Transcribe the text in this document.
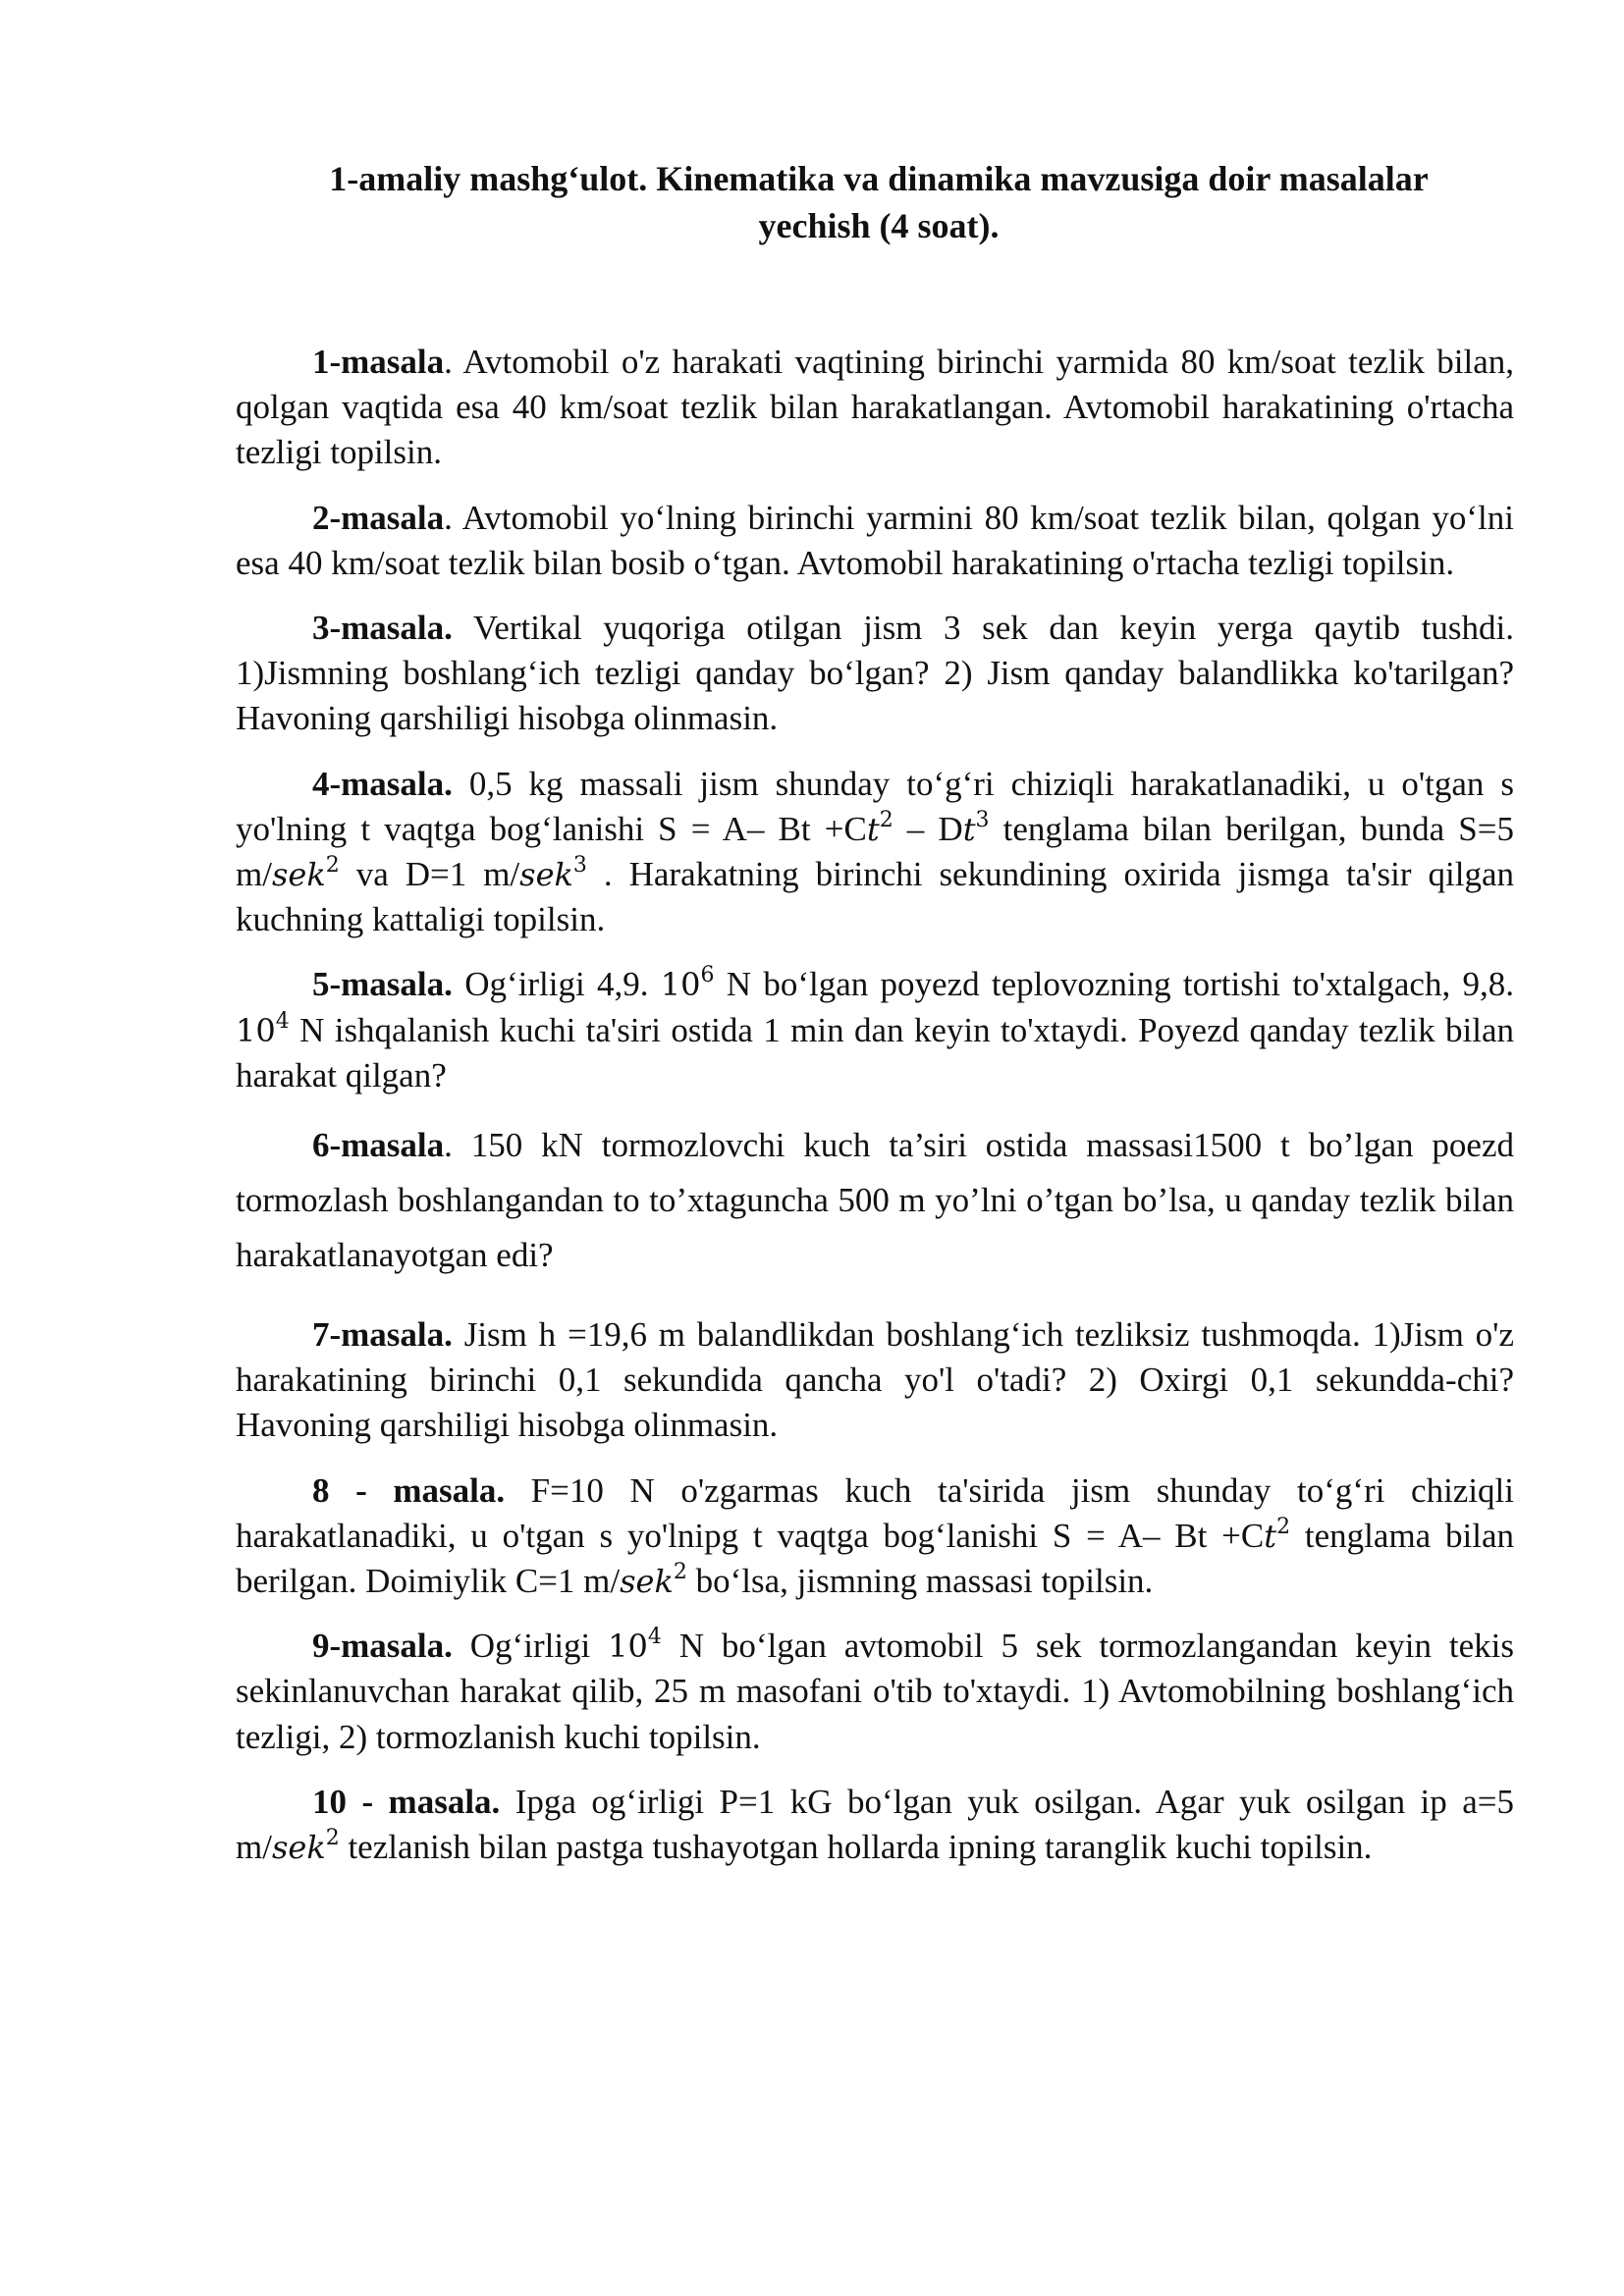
1-amaliy mashg‘ulot. Kinematika va dinamika mavzusiga doir masalalar
yechish (4 soat).

1-masala. Avtomobil o'z harakati vaqtining birinchi yarmida 80 km/soat tezlik bilan, qolgan vaqtida esa 40 km/soat tezlik bilan harakatlangan. Avtomobil harakatining o'rtacha tezligi topilsin.

2-masala. Avtomobil yo‘lning birinchi yarmini 80 km/soat tezlik bilan, qolgan yo‘lni esa 40 km/soat tezlik bilan bosib o‘tgan. Avtomobil harakatining o'rtacha tezligi topilsin.

3-masala. Vertikal yuqoriga otilgan jism 3 sek dan keyin yerga qaytib tushdi. 1)Jismning boshlang‘ich tezligi qanday bo‘lgan? 2) Jism qanday balandlikka ko'tarilgan? Havoning qarshiligi hisobga olinmasin.

4-masala. 0,5 kg massali jism shunday to‘g‘ri chiziqli harakatlanadiki, u o'tgan s yo'lning t vaqtga bog‘lanishi S = A– $Bt +Ct^2 - Dt^3$ tenglama bilan berilgan, bunda S=5 m/sek$^2$ va D=1 m/sek$^3$ . Harakatning birinchi sekundining oxirida jismga ta'sir qilgan kuchning kattaligi topilsin.

5-masala. Og‘irligi 4,9. $10^6$ N bo‘lgan poyezd teplovozning tortishi to'xtalgach, 9,8. $10^4$ N ishqalanish kuchi ta'siri ostida 1 min dan keyin to'xtaydi. Poyezd qanday tezlik bilan harakat qilgan?

6-masala. 150 kN tormozlovchi kuch ta’siri ostida massasi1500 t bo’lgan poezd tormozlash boshlangandan to to’xtaguncha 500 m yo’lni o’tgan bo’lsa, u qanday tezlik bilan harakatlanayotgan edi?

7-masala. Jism h =19,6 m balandlikdan boshlang‘ich tezliksiz tushmoqda. 1)Jism o'z harakatining birinchi 0,1 sekundida qancha yo'l o'tadi? 2) Oxirgi 0,1 sekundda-chi? Havoning qarshiligi hisobga olinmasin.

8 - masala. F=10 N o'zgarmas kuch ta'sirida jism shunday to‘g‘ri chiziqli harakatlanadiki, u o'tgan s yo'lnipg t vaqtga bog‘lanishi S = A– $Bt +Ct^2$ tenglama bilan berilgan. Doimiylik C=1 m/sek$^2$ bo‘lsa, jismning massasi topilsin.

9-masala. Og‘irligi $10^4$ N bo‘lgan avtomobil 5 sek tormozlangandan keyin tekis sekinlanuvchan harakat qilib, 25 m masofani o'tib to'xtaydi. 1) Avtomobilning boshlang‘ich tezligi, 2) tormozlanish kuchi topilsin.

10 - masala. Ipga og‘irligi P=1 kG bo‘lgan yuk osilgan. Agar yuk osilgan ip a=5 m/sek$^2$ tezlanish bilan pastga tushayotgan hollarda ipning taranglik kuchi topilsin.
